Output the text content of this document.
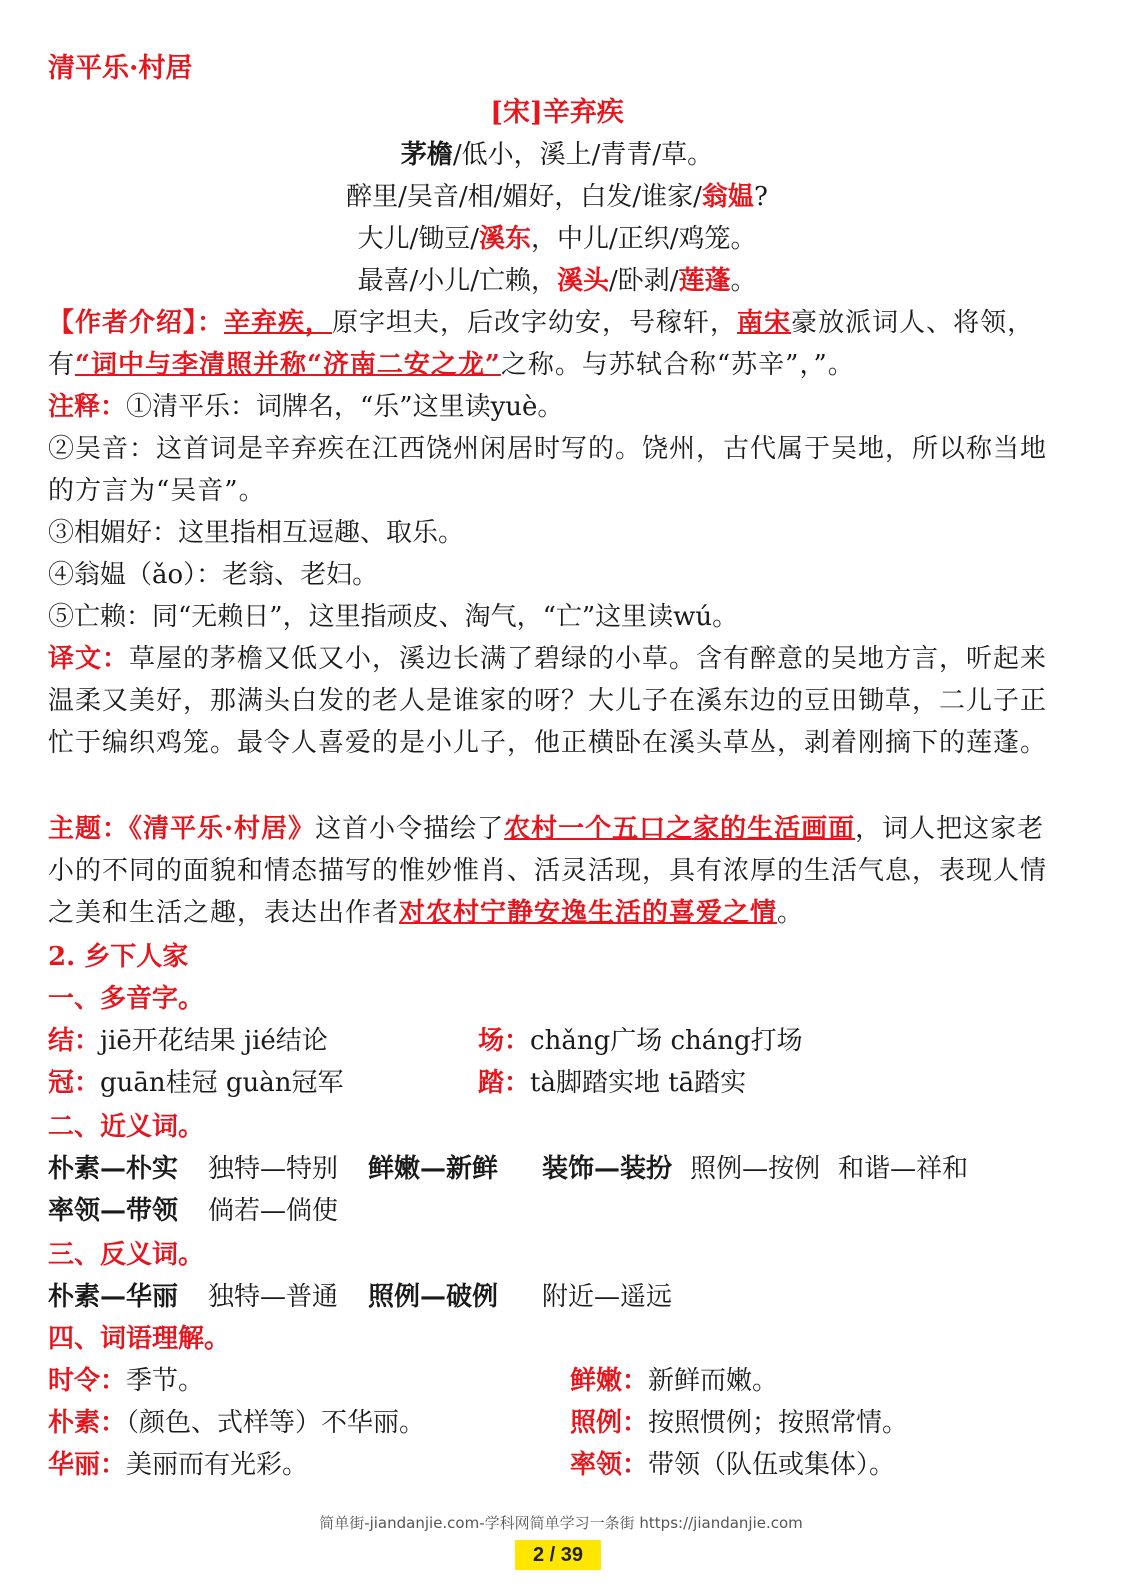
清平乐·村居
[宋]辛弃疾
茅檐/低小，溪上/青青/草。
醉里/吴音/相/媚好，白发/谁家/翁媪?
大儿/锄豆/溪东，中儿/正织/鸡笼。
最喜/小儿/亡赖，溪头/卧剥/莲蓬。
【作者介绍】：辛弃疾，原字坦夫，后改字幼安，号稼轩，南宋豪放派词人、将领，有“词中与李清照并称“济南二安之龙”之称。与苏轼合称“苏辛”，”。
注释：①清平乐：词牌名，“乐”这里读yuè。
②吴音：这首词是辛弃疾在江西饶州闲居时写的。饶州，古代属于吴地，所以称当地的方言为“吴音”。
③相媚好：这里指相互逗趣、取乐。
④翁媪（ǎo）：老翁、老妇。
⑤亡赖：同“无赖日”，这里指顽皮、淘气，“亡”这里读wú。
译文：草屋的茅檐又低又小，溪边长满了碧绿的小草。含有醉意的吴地方言，听起来温柔又美好，那满头白发的老人是谁家的呀？大儿子在溪东边的豆田锄草，二儿子正忙于编织鸡笼。最令人喜爱的是小儿子，他正横卧在溪头草丛，剥着刚摘下的莲蓬。
主题：《清平乐·村居》这首小令描绘了农村一个五口之家的生活画面，词人把这家老小的不同的面貌和情态描写的惟妙惟肖、活灵活现，具有浓厚的生活气息，表现人情之美和生活之趣，表达出作者对农村宁静安逸生活的喜爱之情。
2. 乡下人家
一、多音字。
结：jiē开花结果 jié结论	场：chǎng广场 cháng打场
冠：guān桂冠 guàn冠军	踏：tà脚踏实地 tā踏实
二、近义词。
朴素—朴实 独特—特别 鲜嫩—新鲜 装饰—装扮 照例—按例 和谐—祥和
率领—带领 倘若—倘使
三、反义词。
朴素—华丽 独特—普通 照例—破例 附近—遥远
四、词语理解。
时令：季节。	鲜嫩：新鲜而嫩。
朴素：（颜色、式样等）不华丽。	照例：按照惯例；按照常情。
华丽：美丽而有光彩。	率领：带领（队伍或集体）。
简单街-jiandanjie.com-学科网简单学习一条街 https://jiandanjie.com
2 / 39
